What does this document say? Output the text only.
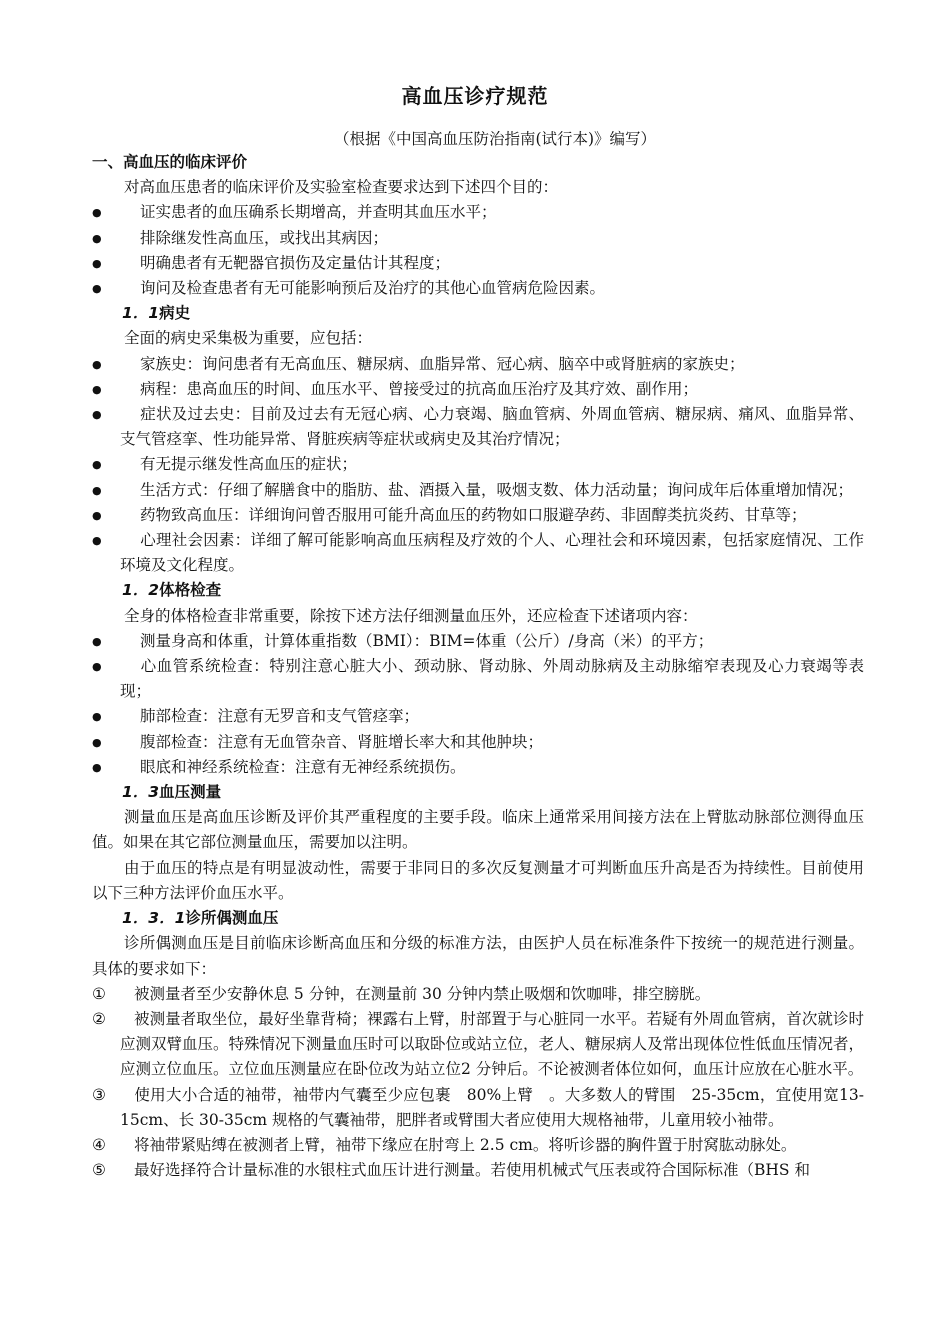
高血压诊疗规范
（根据《中国高血压防治指南(试行本)》编写）
一、高血压的临床评价
对高血压患者的临床评价及实验室检查要求达到下述四个目的：
●	证实患者的血压确系长期增高，并查明其血压水平；
●	排除继发性高血压，或找出其病因；
●	明确患者有无靶器官损伤及定量估计其程度；
●	询问及检查患者有无可能影响预后及治疗的其他心血管病危险因素。
1．1病史
全面的病史采集极为重要，应包括：
●	家族史：询问患者有无高血压、糖尿病、血脂异常、冠心病、脑卒中或肾脏病的家族史；
●	病程：患高血压的时间、血压水平、曾接受过的抗高血压治疗及其疗效、副作用；
●	症状及过去史：目前及过去有无冠心病、心力衰竭、脑血管病、外周血管病、糖尿病、痛风、血脂异常、支气管痉挛、性功能异常、肾脏疾病等症状或病史及其治疗情况；
●	有无提示继发性高血压的症状；
●	生活方式：仔细了解膳食中的脂肪、盐、酒摄入量，吸烟支数、体力活动量；询问成年后体重增加情况；
●	药物致高血压：详细询问曾否服用可能升高血压的药物如口服避孕药、非固醇类抗炎药、甘草等；
●	心理社会因素：详细了解可能影响高血压病程及疗效的个人、心理社会和环境因素，包括家庭情况、工作环境及文化程度。
1．2体格检查
全身的体格检查非常重要，除按下述方法仔细测量血压外，还应检查下述诸项内容：
●	测量身高和体重，计算体重指数（BMI）：BIM=体重（公斤）/身高（米）的平方；
●	心血管系统检查：特别注意心脏大小、颈动脉、肾动脉、外周动脉病及主动脉缩窄表现及心力衰竭等表现；
●	肺部检查：注意有无罗音和支气管痉挛；
●	腹部检查：注意有无血管杂音、肾脏增长率大和其他肿块；
●	眼底和神经系统检查：注意有无神经系统损伤。
1．3血压测量
测量血压是高血压诊断及评价其严重程度的主要手段。临床上通常采用间接方法在上臂肱动脉部位测得血压值。如果在其它部位测量血压，需要加以注明。
由于血压的特点是有明显波动性，需要于非同日的多次反复测量才可判断血压升高是否为持续性。目前使用以下三种方法评价血压水平。
1．3．1诊所偶测血压
诊所偶测血压是目前临床诊断高血压和分级的标准方法，由医护人员在标准条件下按统一的规范进行测量。具体的要求如下：
①	被测量者至少安静休息 5 分钟，在测量前 30 分钟内禁止吸烟和饮咖啡，排空膀胱。
②	被测量者取坐位，最好坐靠背椅；裸露右上臂，肘部置于与心脏同一水平。若疑有外周血管病，首次就诊时应测双臂血压。特殊情况下测量血压时可以取卧位或站立位，老人、糖尿病人及常出现体位性低血压情况者，应测立位血压。立位血压测量应在卧位改为站立位2 分钟后。不论被测者体位如何，血压计应放在心脏水平。
③	使用大小合适的袖带，袖带内气囊至少应包裹　80%上臂　。大多数人的臂围　25-35cm，宜使用宽13-15cm、长 30-35cm 规格的气囊袖带，肥胖者或臂围大者应使用大规格袖带，儿童用较小袖带。
④	将袖带紧贴缚在被测者上臂，袖带下缘应在肘弯上 2.5 cm。将听诊器的胸件置于肘窝肱动脉处。
⑤	最好选择符合计量标准的水银柱式血压计进行测量。若使用机械式气压表或符合国际标准（BHS 和
